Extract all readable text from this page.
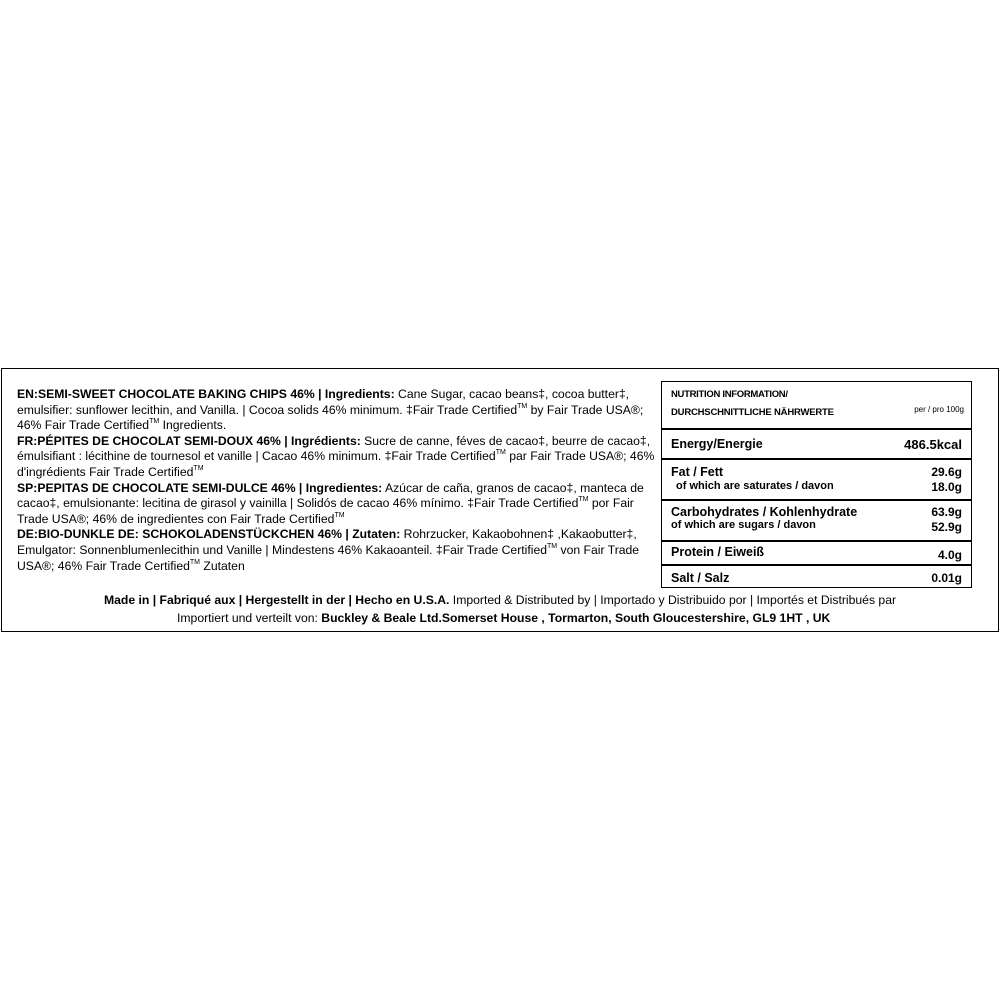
EN:SEMI-SWEET CHOCOLATE BAKING CHIPS 46% | Ingredients: Cane Sugar, cacao beans‡, cocoa butter‡, emulsifier: sunflower lecithin, and Vanilla. | Cocoa solids 46% minimum. ‡Fair Trade Certified™ by Fair Trade USA®; 46% Fair Trade Certified™ Ingredients.

FR:PÉPITES DE CHOCOLAT SEMI-DOUX 46% | Ingrédients: Sucre de canne, féves de cacao‡, beurre de cacao‡, émulsifiant : lécithine de tournesol et vanille | Cacao 46% minimum. ‡Fair Trade Certified™ par Fair Trade USA®; 46% d'ingrédients Fair Trade Certified™

SP:PEPITAS DE CHOCOLATE SEMI-DULCE 46% | Ingredientes: Azúcar de caña, granos de cacao‡, manteca de cacao‡, emulsionante: lecitina de girasol y vainilla | Solidós de cacao 46% mínimo. ‡Fair Trade Certified™ por Fair Trade USA®; 46% de ingredientes con Fair Trade Certified™

DE:BIO-DUNKLE DE: SCHOKOLADENSTÜCKCHEN 46% | Zutaten: Rohrzucker, Kakaobohnen‡ ,Kakaobutter‡, Emulgator: Sonnenblumenlecithin und Vanille | Mindestens 46% Kakaoanteil. ‡Fair Trade Certified™ von Fair Trade USA®; 46% Fair Trade Certified™ Zutaten

NUTRITION INFORMATION/
DURCHSCHNITTLICHE NÄHRWERTE	per / pro 100g
Energy/Energie	486.5kcal
Fat / Fett	29.6g
of which are saturates / davon	18.0g
Carbohydrates / Kohlenhydrate	63.9g
of which are sugars / davon	52.9g
Protein / Eiweiß	4.0g
Salt / Salz	0.01g

Made in | Fabriqué aux | Hergestellt in der | Hecho en U.S.A. Imported & Distributed by | Importado y Distribuido por | Importés et Distribués par

Importiert und verteilt von: Buckley & Beale Ltd.Somerset House , Tormarton, South Gloucestershire, GL9 1HT , UK
